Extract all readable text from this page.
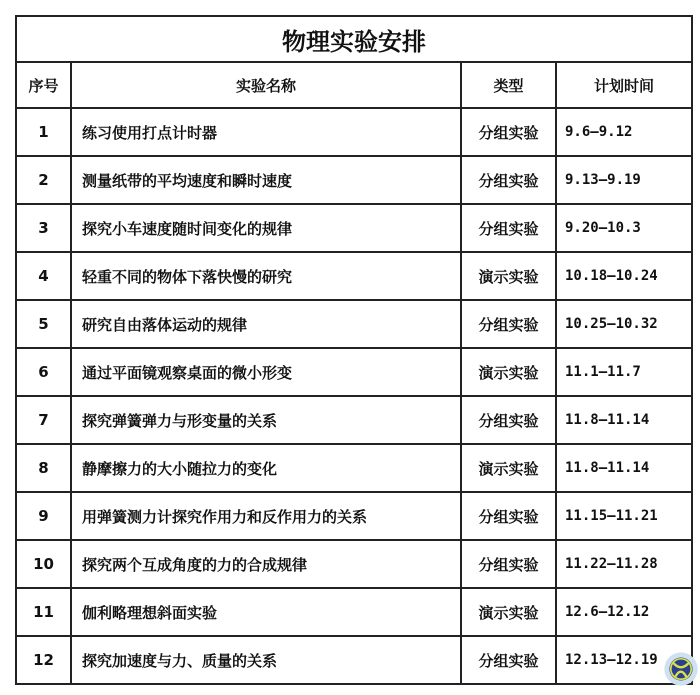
物理实验安排			
序号	实验名称	类型	计划时间
1	练习使用打点计时器	分组实验	9.6—9.12
2	测量纸带的平均速度和瞬时速度	分组实验	9.13—9.19
3	探究小车速度随时间变化的规律	分组实验	9.20—10.3
4	轻重不同的物体下落快慢的研究	演示实验	10.18—10.24
5	研究自由落体运动的规律	分组实验	10.25—10.32
6	通过平面镜观察桌面的微小形变	演示实验	11.1—11.7
7	探究弹簧弹力与形变量的关系	分组实验	11.8—11.14
8	静摩擦力的大小随拉力的变化	演示实验	11.8—11.14
9	用弹簧测力计探究作用力和反作用力的关系	分组实验	11.15—11.21
10	探究两个互成角度的力的合成规律	分组实验	11.22—11.28
11	伽利略理想斜面实验	演示实验	12.6—12.12
12	探究加速度与力、质量的关系	分组实验	12.13—12.19
